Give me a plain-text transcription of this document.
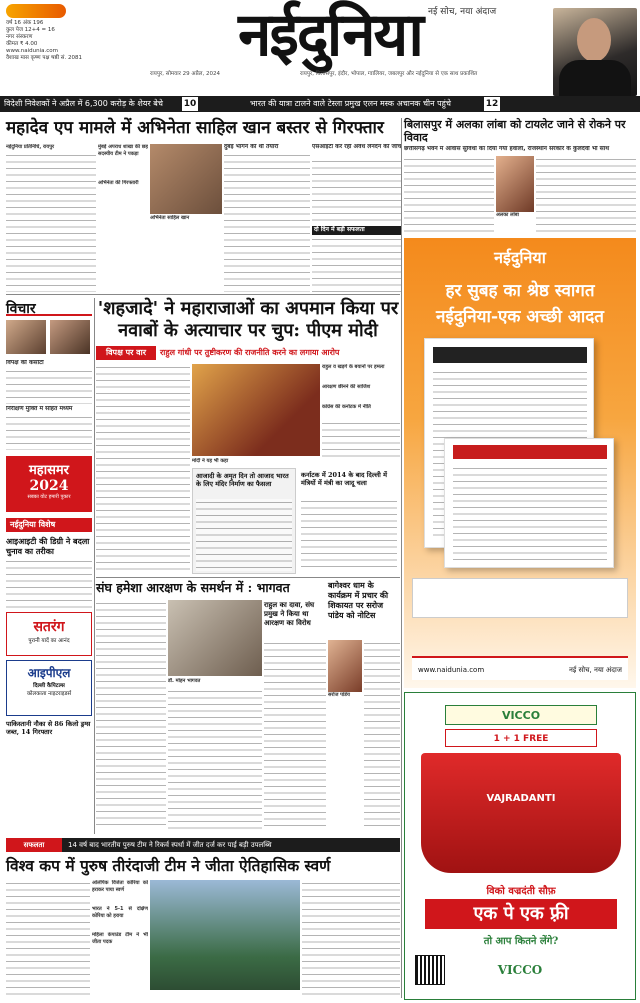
वर्ष 16 अंक 196
कुल पेज 12+4 = 16
नगर संस्करण
कीमत ₹ 4.00
www.naidunia.com
वैशाख मास कृष्ण पक्ष षष्ठी सं. 2081	नईदुनिया नई सोच, नया अंदाज
रायपुर, सोमवार 29 अप्रैल, 2024	रायपुर, बिलासपुर, इंदौर, भोपाल, ग्वालियर, जबलपुर और नईदुनिया से एक साथ प्रकाशित
विदेशी निवेशकों ने अप्रैल में 6,300 करोड़ के शेयर बेचे	10	भारत की यात्रा टालने वाले टेस्ला प्रमुख एलन मस्क अचानक चीन पहुंचे	12
महादेव एप मामले में अभिनेता साहिल खान बस्तर से गिरफ्तार
नईदुनिया प्रतिनिधि, रायपुर	मुंबई अपराध शाखा की छह सदस्यीय टीम ने पकड़ा
अभिनेता की गिरफ्तारी
अभिनेता साहिल खान
दुबई भागने की थी तैयारी	एसआइटी कर रही अवैध लेनदेन की जांच
दो दिन में बड़ी सफलता
बिलासपुर में अलका लांबा को टायलेट जाने से रोकने पर विवाद
छत्तीसगढ़ भवन में आवास सुविधा का दिया गया हवाला, राजस्थान सरकार के कुलदेवी भी साथ
अलका लांबा
नईदुनिया
हर सुबह का श्रेष्ठ स्वागत
नईदुनिया-एक अच्छी आदत
www.naidunia.com	नई सोच, नया अंदाज
विचार
विपक्ष की कसौटी
निरीक्षण मुक्ति में सहित मध्यम
महासमर
2024
सबका वोट हमारी पुकार
नईदुनिया विशेष
आइआइटी की डिग्री ने बदला चुनाव का तरीका
सतरंग
पुरानी यादें का आनंद
आइपीएल
दिल्ली कैपिटल्स
कोलकाता नाइटराइडर्स
पाकिस्तानी नौका से 86 किलो ड्रग्स जब्त, 14 गिरफ्तार
'शहजादे' ने महाराजाओं का अपमान किया पर नवाबों के अत्याचार पर चुप: पीएम मोदी
विपक्ष पर वार	राहुल गांधी पर तुष्टीकरण की राजनीति करने का लगाया आरोप
मोदी ने यह भी कहा
राहुल व खड़गे के बयानों पर हमला
आरक्षण छीनने की साजिश
कांग्रेस की कर्नाटक में नीति
आजादी के अमृत दिन तो आजाद भारत के लिए मंदिर निर्माण का फैसला
कर्नाटक में 2014 के बाद दिल्ली में मंत्रियों में मंत्री का जादू चला
संघ हमेशा आरक्षण के समर्थन में : भागवत
डॉ. मोहन भागवत
राहुल का दावा, संघ प्रमुख ने किया था आरक्षण का विरोध
बागेश्वर धाम के कार्यक्रम में प्रचार की शिकायत पर सरोज पांडेय को नोटिस
सरोज पांडेय
VICCO
1 + 1 FREE
VAJRADANTI
विको वज्रदंती सौफ़
एक पे एक फ़्री
तो आप कितने लेंगे?
VICCO
सफलता	14 वर्ष बाद भारतीय पुरुष टीम ने रिकर्व स्पर्धा में जीत दर्ज कर पाई बड़ी उपलब्धि
विश्व कप में पुरुष तीरंदाजी टीम ने जीता ऐतिहासिक स्वर्ण
ओलंपिक विजेता कोरिया को हराकर पाया स्वर्ण
भारत ने 5-1 से दक्षिण कोरिया को हराया
महिला कंपाउंड टीम ने भी जीता पदक
